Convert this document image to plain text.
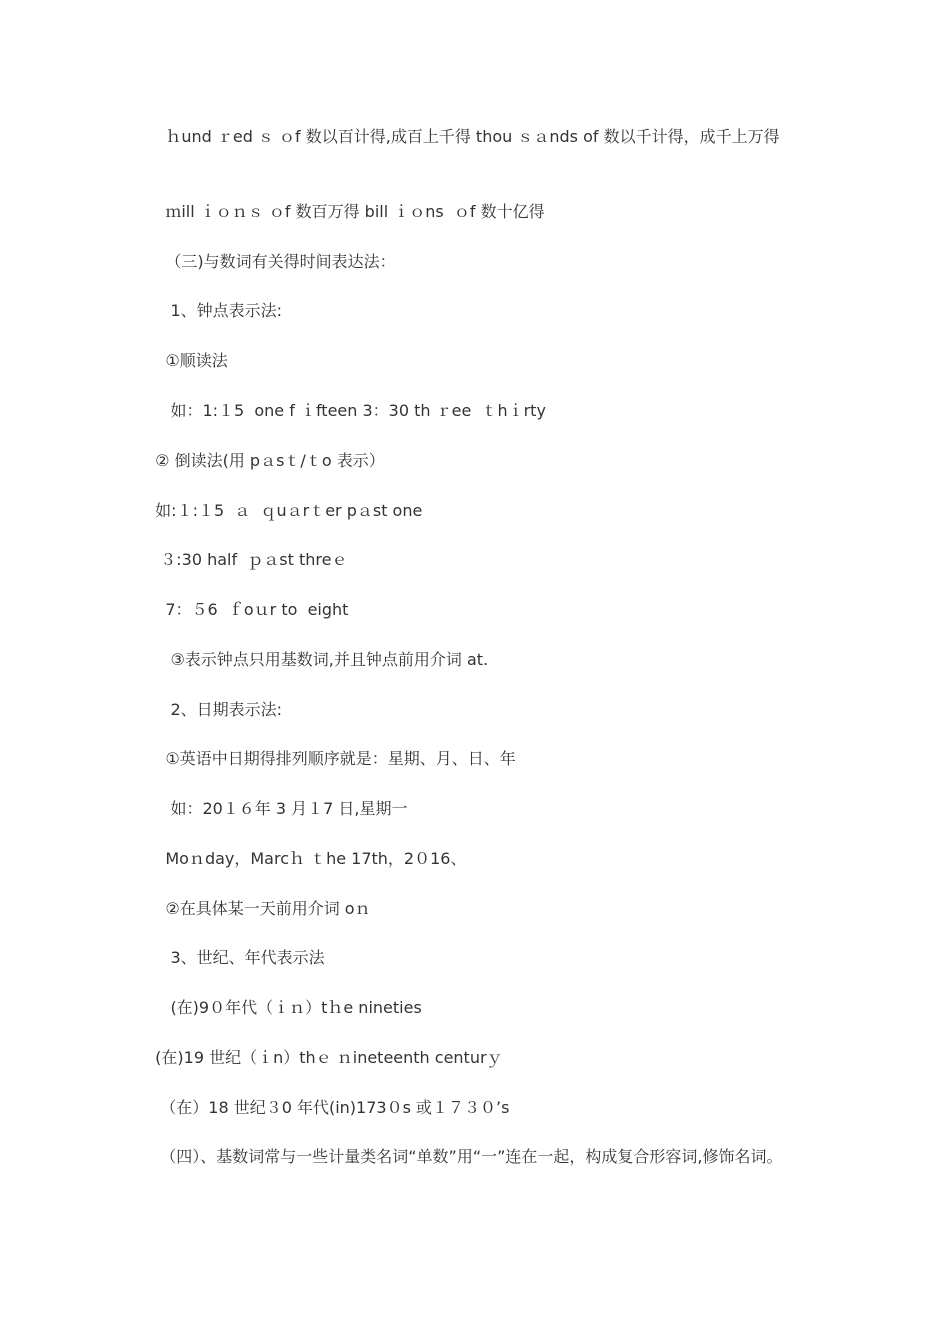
ｈund ｒed ｓ ｏf 数以百计得,成百上千得 thou ｓａnds of 数以千计得，成千上万得
ｍill ｉｏｎｓ ｏf 数百万得 bill ｉｏns  ｏf 数十亿得
（三)与数词有关得时间表达法：
1、钟点表示法:
①顺读法
如：1:１5  one f ｉfteen 3：30 th ｒee  ｔhｉrty
② 倒读法(用 pａsｔ/ｔo 表示）
如:１:１5  ａ  ｑuａrｔer pａst one
３:30 half  ｐａst threｅ
7：５6  ｆoｕr to  eight
③表示钟点只用基数词,并且钟点前用介词 at.
2、日期表示法:
①英语中日期得排列顺序就是：星期、月、日、年
如：20１６年 3 月１7 日,星期一
Moｎday，Marcｈ ｔhe 17th，2０16、
②在具体某一天前用介词 oｎ
3、世纪、年代表示法
(在)9０年代（ｉｎ）tｈe nineties
(在)19 世纪（ｉn）thｅ ｎineteenth centurｙ
（在）18 世纪３0 年代(in)173０s 或１７３０’s
（四）、基数词常与一些计量类名词“单数”用“一”连在一起，构成复合形容词,修饰名词。
